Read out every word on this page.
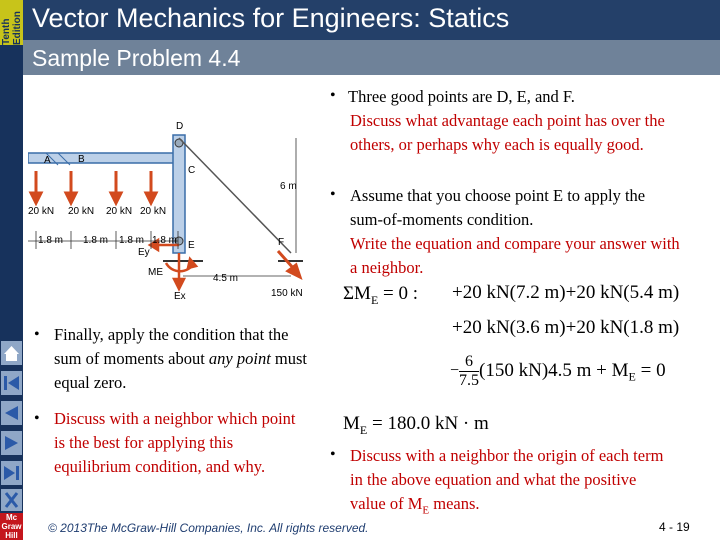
Tenth Edition Vector Mechanics for Engineers: Statics
Sample Problem 4.4
Mc Graw Hill
A	B
D
C
E	F
Ey
ME
Ex
20 kN 20 kN 20 kN 20 kN
1.8 m 1.8 m 1.8 m 1.8 m
6 m
4.5 m
150 kN
• Three good points are D, E, and F.
Discuss what advantage each point has over the others, or perhaps why each is equally good.
• Assume that you choose point E to apply the sum-of-moments condition.
Write the equation and compare your answer with a neighbor.
$\Sigma M_E = 0$ : +20 kN(7.2 m)+20 kN(5.4 m)
+20 kN(3.6 m)+20 kN(1.8 m)
− $\frac{6}{7.5} (150$ kN)4.5 $m + M_E = 0$
$M_E = 180.0$ kN · m
• Finally, apply the condition that the sum of moments about any point must equal zero.
• Discuss with a neighbor which point is the best for applying this equilibrium condition, and why.
• Discuss with a neighbor the origin of each term in the above equation and what the positive value of $M_E$ means.
© 2013The McGraw-Hill Companies, Inc. All rights reserved.	4 - 19
